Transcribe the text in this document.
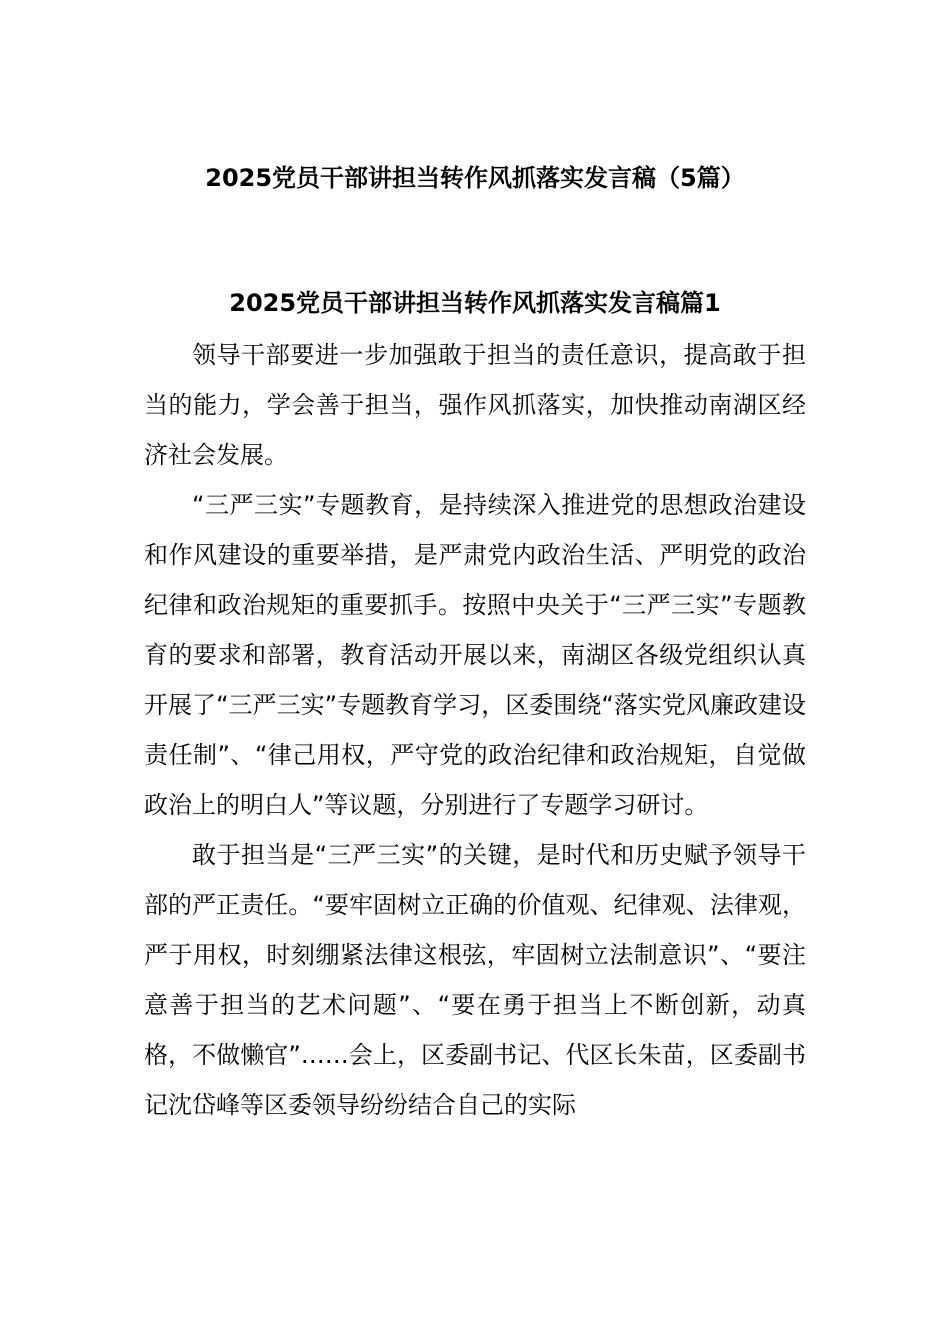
2025党员干部讲担当转作风抓落实发言稿（5篇）
2025党员干部讲担当转作风抓落实发言稿篇1

领导干部要进一步加强敢于担当的责任意识，提高敢于担当的能力，学会善于担当，强作风抓落实，加快推动南湖区经济社会发展。

“三严三实”专题教育，是持续深入推进党的思想政治建设和作风建设的重要举措，是严肃党内政治生活、严明党的政治纪律和政治规矩的重要抓手。按照中央关于“三严三实”专题教育的要求和部署，教育活动开展以来，南湖区各级党组织认真开展了“三严三实”专题教育学习，区委围绕“落实党风廉政建设责任制”、“律己用权，严守党的政治纪律和政治规矩，自觉做政治上的明白人”等议题，分别进行了专题学习研讨。

敢于担当是“三严三实”的关键，是时代和历史赋予领导干部的严正责任。“要牢固树立正确的价值观、纪律观、法律观，严于用权，时刻绷紧法律这根弦，牢固树立法制意识”、“要注意善于担当的艺术问题”、“要在勇于担当上不断创新，动真格，不做懒官”……会上，区委副书记、代区长朱苗，区委副书记沈岱峰等区委领导纷纷结合自己的实际
